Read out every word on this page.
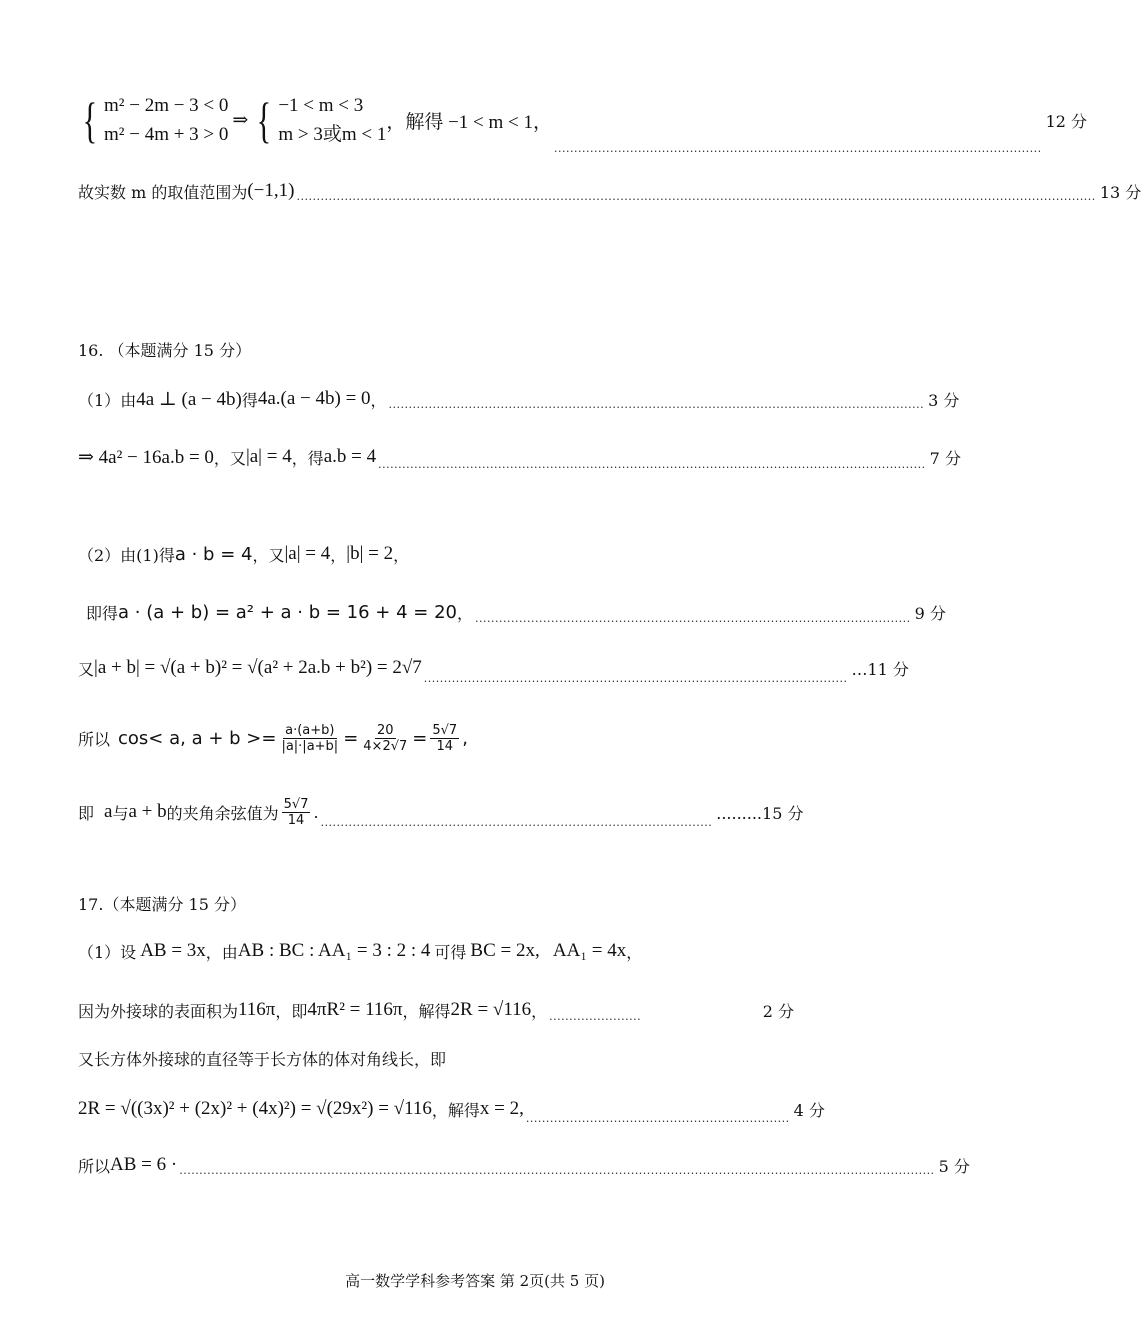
{ m² − 2m − 3 < 0
m² − 4m + 3 > 0
⇒ { −1 < m < 3
m > 3或m < 1
，解得 −1 < m < 1，
..........................................................................................................................
12 分
故实数 m 的取值范围为 (−1,1) ........................................................................................................................................................................................................ 13 分
16. （本题满分 15 分）
（1） 由 4a ⊥ (a − 4b) 得 4a.(a − 4b) = 0 ， ...................................................................................................................................... 3 分
⇒ 4a² − 16a.b = 0 ，又 |a| = 4 ，得 a.b = 4 ......................................................................................................................................... 7 分
（2）由(1)得 a · b = 4 ，又 |a| = 4 ， |b| = 2 ，
即得 a · (a + b) = a² + a · b = 16 + 4 = 20 ， ............................................................................................................. 9 分
又 |a + b| = √(a + b)² = √(a² + 2a.b + b²) = 2√7
.......................................................................................................... …11 分
所以 cos< a, $a + b >= \frac{a\cdot(a+b)}{|a|\cdot|a+b|} = \frac{20}{4\times 2√7} = \frac{5√7}{14}$ ,
即 a 与 a + b 的夹角余弦值为 $\frac{5√7}{14}$ .
.................................................................................................. .........15 分
17.（本题满分 15 分）
（1）设 AB = 3x ，由 AB : BC : AA₁ = 3 : 2 : 4 可得 BC = 2x,   AA₁ = 4x ，
因为外接球的表面积为 116π ，即 4πR² = 116π ，解得 2R = √116 ， .......................	2 分
又长方体外接球的直径等于长方体的体对角线长，即
2R = √((3x)² + (2x)² + (4x)²) = √(29x²) = √116 ，解得 x = 2, .................................................................. 4 分
所以 AB = 6 · ............................................................................................................................................................................................. 5 分
高一数学学科参考答案 第 2页(共 5 页)
